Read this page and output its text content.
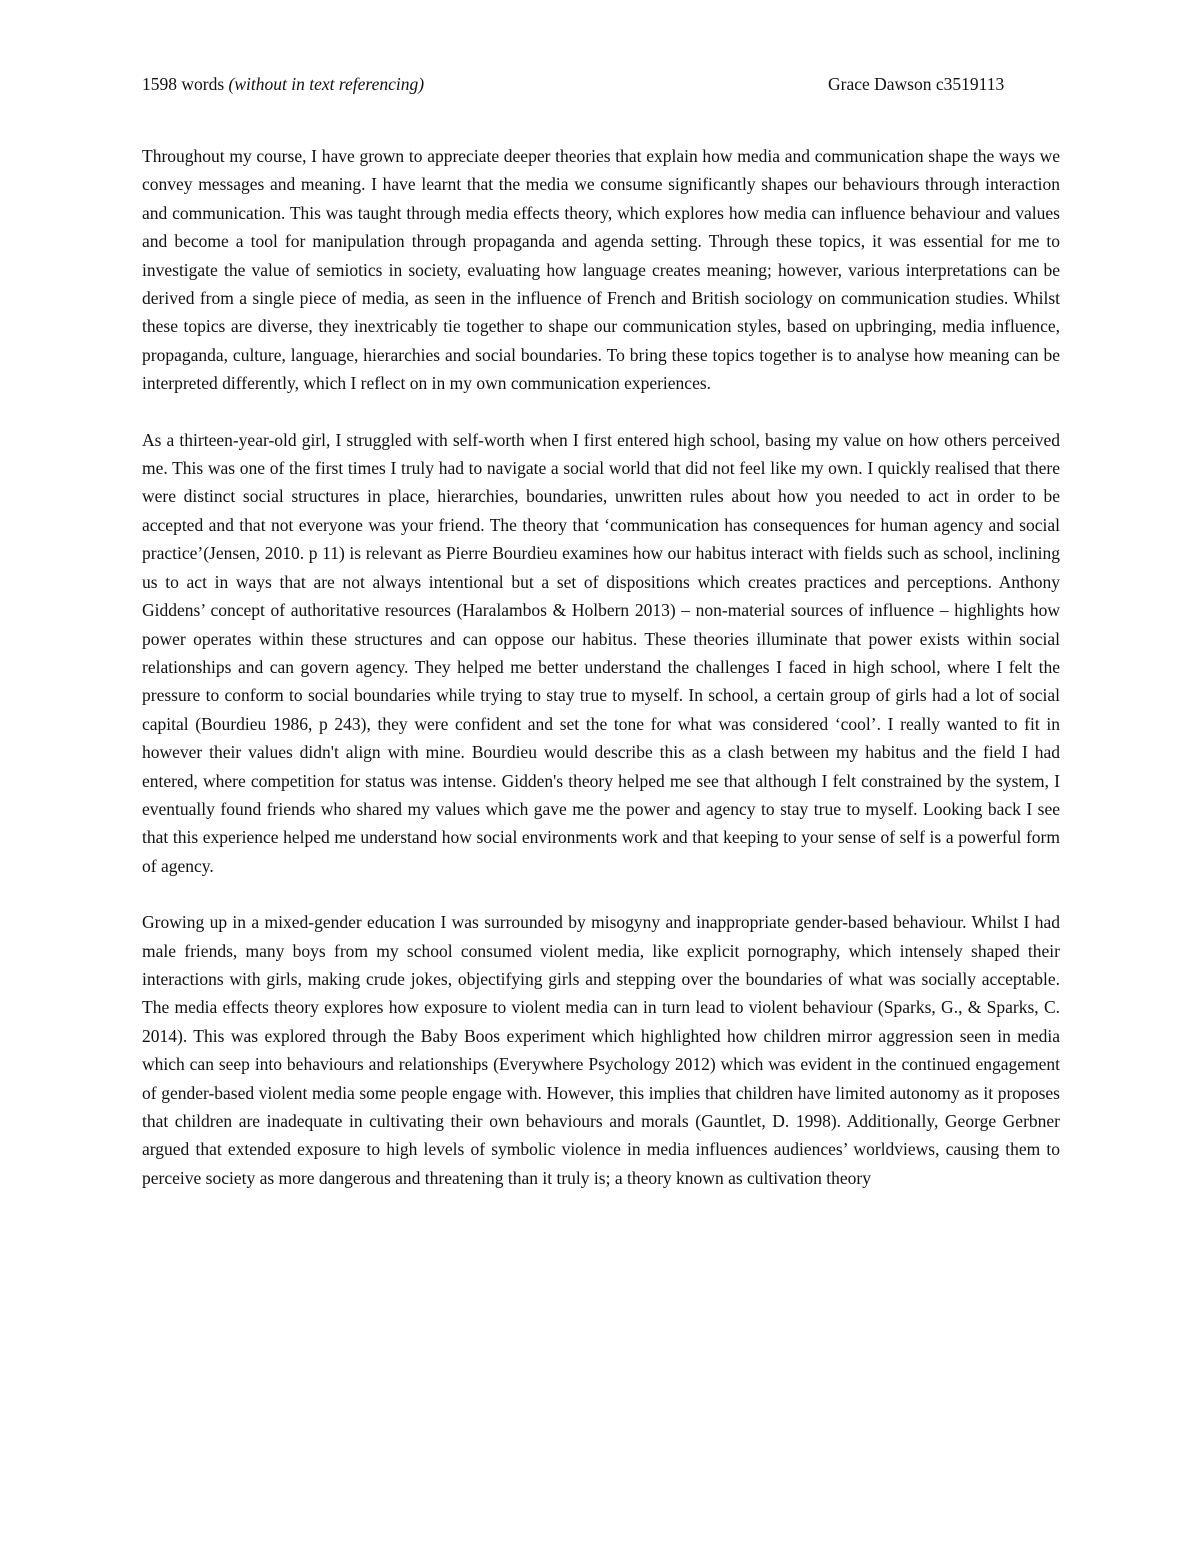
1598 words (without in text referencing)	Grace Dawson c3519113

Throughout my course, I have grown to appreciate deeper theories that explain how media and communication shape the ways we convey messages and meaning. I have learnt that the media we consume significantly shapes our behaviours through interaction and communication. This was taught through media effects theory, which explores how media can influence behaviour and values and become a tool for manipulation through propaganda and agenda setting. Through these topics, it was essential for me to investigate the value of semiotics in society, evaluating how language creates meaning; however, various interpretations can be derived from a single piece of media, as seen in the influence of French and British sociology on communication studies. Whilst these topics are diverse, they inextricably tie together to shape our communication styles, based on upbringing, media influence, propaganda, culture, language, hierarchies and social boundaries. To bring these topics together is to analyse how meaning can be interpreted differently, which I reflect on in my own communication experiences.

As a thirteen-year-old girl, I struggled with self-worth when I first entered high school, basing my value on how others perceived me. This was one of the first times I truly had to navigate a social world that did not feel like my own. I quickly realised that there were distinct social structures in place, hierarchies, boundaries, unwritten rules about how you needed to act in order to be accepted and that not everyone was your friend. The theory that ‘communication has consequences for human agency and social practice’(Jensen, 2010. p 11) is relevant as Pierre Bourdieu examines how our habitus interact with fields such as school, inclining us to act in ways that are not always intentional but a set of dispositions which creates practices and perceptions. Anthony Giddens’ concept of authoritative resources (Haralambos & Holbern 2013) – non-material sources of influence – highlights how power operates within these structures and can oppose our habitus. These theories illuminate that power exists within social relationships and can govern agency. They helped me better understand the challenges I faced in high school, where I felt the pressure to conform to social boundaries while trying to stay true to myself. In school, a certain group of girls had a lot of social capital (Bourdieu 1986, p 243), they were confident and set the tone for what was considered ‘cool’. I really wanted to fit in however their values didn't align with mine. Bourdieu would describe this as a clash between my habitus and the field I had entered, where competition for status was intense. Gidden's theory helped me see that although I felt constrained by the system, I eventually found friends who shared my values which gave me the power and agency to stay true to myself. Looking back I see that this experience helped me understand how social environments work and that keeping to your sense of self is a powerful form of agency.

Growing up in a mixed-gender education I was surrounded by misogyny and inappropriate gender-based behaviour. Whilst I had male friends, many boys from my school consumed violent media, like explicit pornography, which intensely shaped their interactions with girls, making crude jokes, objectifying girls and stepping over the boundaries of what was socially acceptable. The media effects theory explores how exposure to violent media can in turn lead to violent behaviour (Sparks, G., & Sparks, C. 2014). This was explored through the Baby Boos experiment which highlighted how children mirror aggression seen in media which can seep into behaviours and relationships (Everywhere Psychology 2012) which was evident in the continued engagement of gender-based violent media some people engage with. However, this implies that children have limited autonomy as it proposes that children are inadequate in cultivating their own behaviours and morals (Gauntlet, D. 1998). Additionally, George Gerbner argued that extended exposure to high levels of symbolic violence in media influences audiences’ worldviews, causing them to perceive society as more dangerous and threatening than it truly is; a theory known as cultivation theory
